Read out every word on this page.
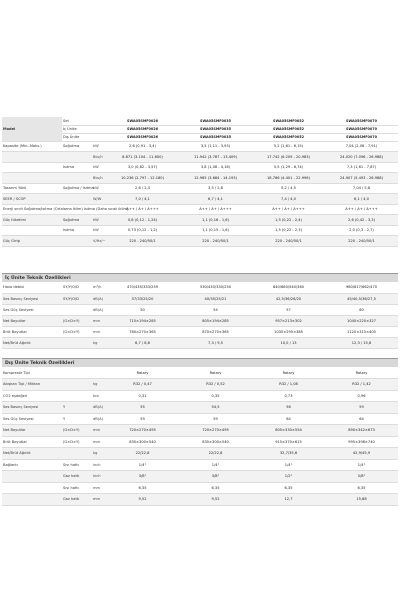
Model	Set		SWA05SMF0026	SWA05SMF0035	SWA05SMF0052	SWA05SMF0070
	İç Ünite		SWA05SMF0026	SWA05SMF0035	SWA05SMF0052	SWA05SMF0070
	Dış Ünite		SWA05SMF0026	SWA05SMF0035	SWA05SMF0052	SWA05SMF0070
Kapasite (Min.-Maks.)	Soğutma	kW	2,6 (0,91 - 3,4)	3,5 (1,11 - 3,93)	5,2 (1,61 - 6,15)	7,04 (2,08 - 7,91)
		Btu/h	8.871 (3.104 - 11.600)	11.942 (3.787 - 13.409)	17.742 (6.209 - 20.983)	24.020 (7.096 - 26.988)
	Isıtma	kW	3,0 (0,82 - 3,57)	3,8 (1,08 - 4,16)	5,5 (1,29 - 6,74)	7,3 (1,61 - 7,87)
		Btu/h	10.236 (2.797 - 12.180)	12.965 (3.684 - 14.193)	18.766 (4.401 - 22.996)	24.907 (5.493 - 26.988)
Tasarım Yükü	Soğutma / Isıtma	kW	2,6 / 2,4	3,5 / 2,8	5,2 / 4,5	7,04 / 5,8
SEER / SCOP		W/W	7,0 / 4,1	6,7 / 4,1	7,4 / 4,0	6,1 / 4,0
Enerji sınıfı Soğutma/Isıtma (Ortalama iklim) Isıtma (Daha sıcak iklim)			A++ / A+ / A+++	A++ / A+ / A+++	A++ / A+ / A+++	A++ / A+ / A+++
Güç tüketimi	Soğutma	kW	0,8 (0,12 - 1,24)	1,1 (0,16 - 1,6)	1,5 (0,22 - 2,4)	2,6 (0,42 - 3,3)
	Isıtma	kW	0,73 (0,12 - 1,2)	1,1 (0,15 - 1,6)	1,5 (0,22 - 2,3)	2,0 (0,3 - 2,7)
Güç Girişi		V/Hz/~	220 - 240/50/1	220 - 240/50/1	220 - 240/50/1	220 - 240/50/1
İç Ünite Teknik Özellikleri
Hava debisi	SY/Y/O/D	m³/h	470/435/333/259	530/430/330/250	840/680/540/360	980/817/662/470
Ses Basınç Seviyesi	SY/Y/O/D	dB(A)	37/33/25/20	40/35/25/21	42,5/36/26/20	45/40,5/36/27,5
Ses Güç Seviyesi		dB(A)	50	54	57	60
Net Boyutlar	(G×D×Y)	mm	715×194×285	805×194×285	957×213×302	1040×220×327
Brüt Boyutlar	(G×D×Y)	mm	780×270×365	870×270×365	1035×295×385	1120×315×405
Net/Brüt Ağırlık		kg	6,7 / 8,8	7,3 / 9,5	10,0 / 13	12,3 / 15,8
Dış Ünite Teknik Özellikleri
Kompresör Tipi			Rotary	Rotary	Rotary	Rotary
Akışkan Tipi / Miktarı		kg	R32 / 0,47	R32 / 0,52	R32 / 1,08	R32 / 1,42
CO2 eşdeğeri		ton	0,31	0,35	0,73	0,96
Ses Basınç Seviyesi	Y	dB(A)	55	54,5	56	59
Ses Güç Seviyesi	Y	dB(A)	59	59	64	64
Net Boyutlar	(G×D×Y)	mm	720×270×495	720×270×495	805×330×554	890×342×673
Brüt Boyutlar	(G×D×Y)	mm	835×300×540	835×300×540	915×370×615	995×398×740
Net/Brüt Ağırlık		kg	22/22,8	22/22,8	32,7/35,6	42,9/45,9
Bağlantı	Sıvı hattı	inch	1/4"	1/4"	1/4"	1/4"
	Gaz hattı	inch	3/8"	3/8"	1/2"	5/8"
	Sıvı hattı	mm	6,35	6,35	6,35	6,35
	Gaz hattı	mm	9,52	9,52	12,7	15,88
